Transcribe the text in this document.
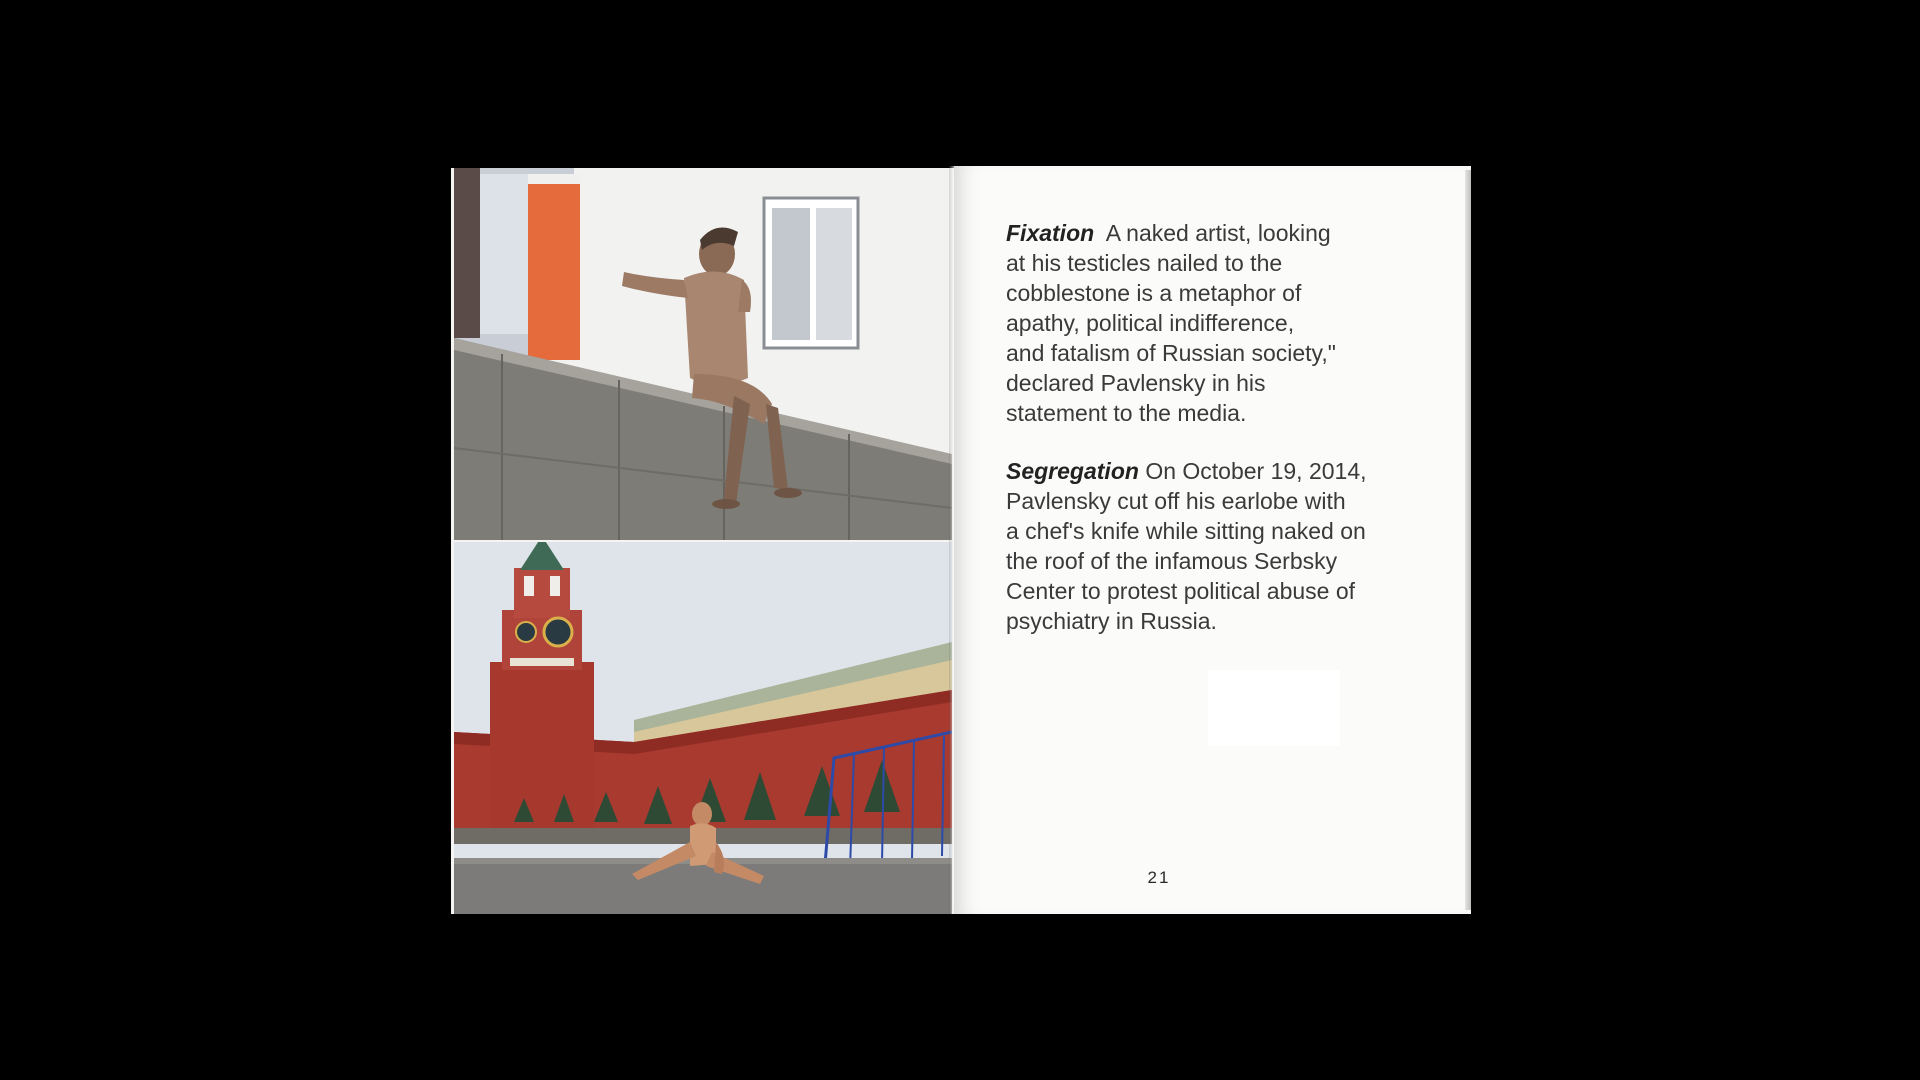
Fixation A naked artist, looking
at his testicles nailed to the
cobblestone is a metaphor of
apathy, political indifference,
and fatalism of Russian society,"
declared Pavlensky in his
statement to the media.
Segregation On October 19, 2014,
Pavlensky cut off his earlobe with
a chef's knife while sitting naked on
the roof of the infamous Serbsky
Center to protest political abuse of
psychiatry in Russia.
21
